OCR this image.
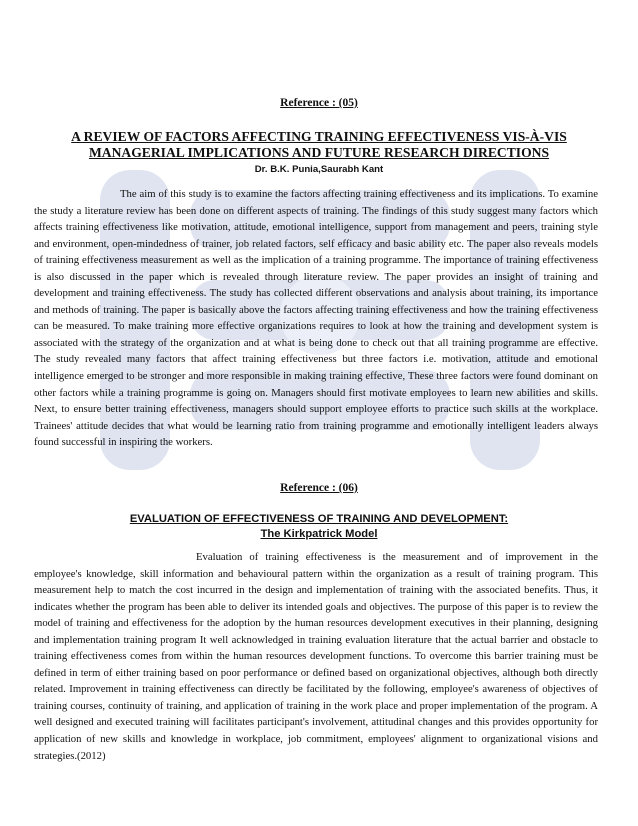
Reference : (05)
A REVIEW OF FACTORS AFFECTING TRAINING EFFECTIVENESS VIS-À-VIS
MANAGERIAL IMPLICATIONS AND FUTURE RESEARCH DIRECTIONS
Dr. B.K. Punia,Saurabh Kant

The aim of this study is to examine the factors affecting training effectiveness and its implications. To examine the study a literature review has been done on different aspects of training. The findings of this study suggest many factors which affects training effectiveness like motivation, attitude, emotional intelligence, support from management and peers, training style and environment, open-mindedness of trainer, job related factors, self efficacy and basic ability etc. The paper also reveals models of training effectiveness measurement as well as the implication of a training programme. The importance of training effectiveness is also discussed in the paper which is revealed through literature review. The paper provides an insight of training and development and training effectiveness. The study has collected different observations and analysis about training, its importance and methods of training. The paper is basically above the factors affecting training effectiveness and how the training effectiveness can be measured. To make training more effective organizations requires to look at how the training and development system is associated with the strategy of the organization and at what is being done to check out that all training programme are effective. The study revealed many factors that affect training effectiveness but three factors i.e. motivation, attitude and emotional intelligence emerged to be stronger and more responsible in making training effective, These three factors were found dominant on other factors while a training programme is going on. Managers should first motivate employees to learn new abilities and skills. Next, to ensure better training effectiveness, managers should support employee efforts to practice such skills at the workplace. Trainees' attitude decides that what would be learning ratio from training programme and emotionally intelligent leaders always found successful in inspiring the workers.

Reference : (06)
EVALUATION OF EFFECTIVENESS OF TRAINING AND DEVELOPMENT:
The Kirkpatrick Model

Evaluation of training effectiveness is the measurement and of improvement in the employee's knowledge, skill information and behavioural pattern within the organization as a result of training program. This measurement help to match the cost incurred in the design and implementation of training with the associated benefits. Thus, it indicates whether the program has been able to deliver its intended goals and objectives. The purpose of this paper is to review the model of training and effectiveness for the adoption by the human resources development executives in their planning, designing and implementation training program It well acknowledged in training evaluation literature that the actual barrier and obstacle to training effectiveness comes from within the human resources development functions. To overcome this barrier training must be defined in term of either training based on poor performance or defined based on organizational objectives, although both directly related. Improvement in training effectiveness can directly be facilitated by the following, employee's awareness of objectives of training courses, continuity of training, and application of training in the work place and proper implementation of the program. A well designed and executed training will facilitates participant's involvement, attitudinal changes and this provides opportunity for application of new skills and knowledge in workplace, job commitment, employees' alignment to organizational visions and strategies.(2012)
